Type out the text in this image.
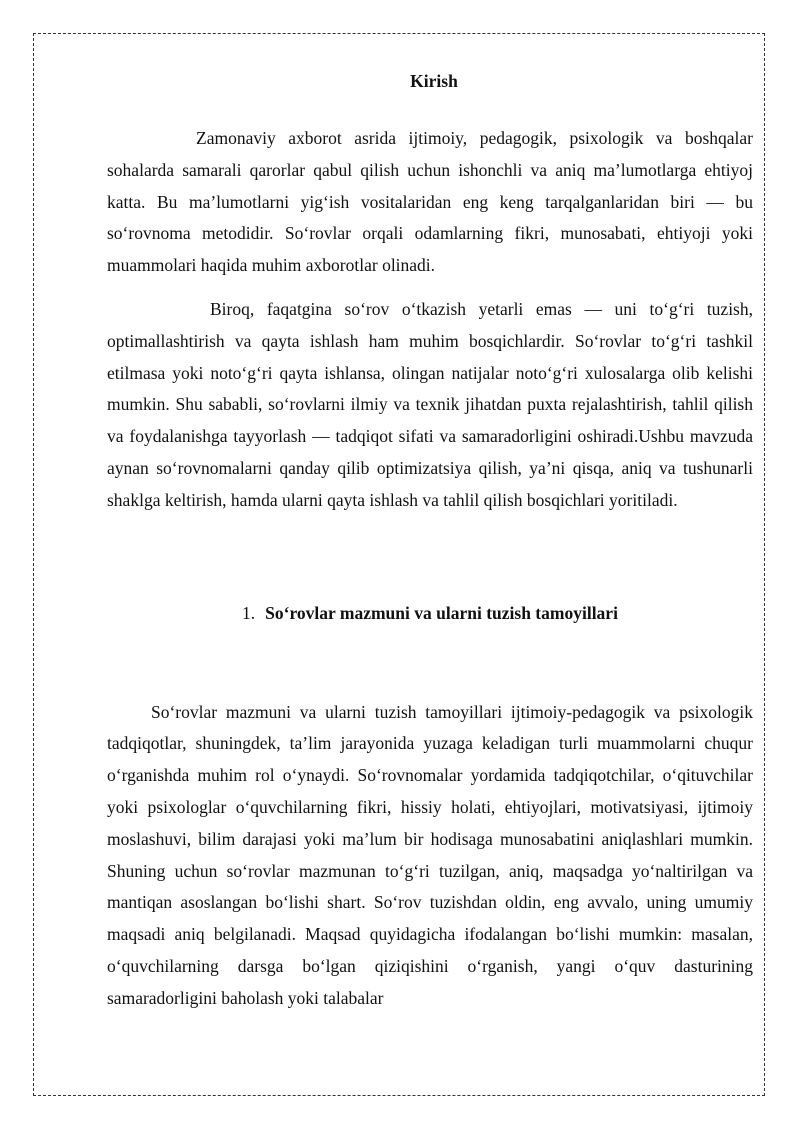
Kirish

Zamonaviy axborot asrida ijtimoiy, pedagogik, psixologik va boshqalar sohalarda samarali qarorlar qabul qilish uchun ishonchli va aniq ma’lumotlarga ehtiyoj katta. Bu ma’lumotlarni yig‘ish vositalaridan eng keng tarqalganlaridan biri — bu so‘rovnoma metodidir. So‘rovlar orqali odamlarning fikri, munosabati, ehtiyoji yoki muammolari haqida muhim axborotlar olinadi.

Biroq, faqatgina so‘rov o‘tkazish yetarli emas — uni to‘g‘ri tuzish, optimallashtirish va qayta ishlash ham muhim bosqichlardir. So‘rovlar to‘g‘ri tashkil etilmasa yoki noto‘g‘ri qayta ishlansa, olingan natijalar noto‘g‘ri xulosalarga olib kelishi mumkin. Shu sababli, so‘rovlarni ilmiy va texnik jihatdan puxta rejalashtirish, tahlil qilish va foydalanishga tayyorlash — tadqiqot sifati va samaradorligini oshiradi.Ushbu mavzuda aynan so‘rovnomalarni qanday qilib optimizatsiya qilish, ya’ni qisqa, aniq va tushunarli shaklga keltirish, hamda ularni qayta ishlash va tahlil qilish bosqichlari yoritiladi.

1. So‘rovlar mazmuni va ularni tuzish tamoyillari

So‘rovlar mazmuni va ularni tuzish tamoyillari ijtimoiy-pedagogik va psixologik tadqiqotlar, shuningdek, ta’lim jarayonida yuzaga keladigan turli muammolarni chuqur o‘rganishda muhim rol o‘ynaydi. So‘rovnomalar yordamida tadqiqotchilar, o‘qituvchilar yoki psixologlar o‘quvchilarning fikri, hissiy holati, ehtiyojlari, motivatsiyasi, ijtimoiy moslashuvi, bilim darajasi yoki ma’lum bir hodisaga munosabatini aniqlashlari mumkin. Shuning uchun so‘rovlar mazmunan to‘g‘ri tuzilgan, aniq, maqsadga yo‘naltirilgan va mantiqan asoslangan bo‘lishi shart. So‘rov tuzishdan oldin, eng avvalo, uning umumiy maqsadi aniq belgilanadi. Maqsad quyidagicha ifodalangan bo‘lishi mumkin: masalan, o‘quvchilarning darsga bo‘lgan qiziqishini o‘rganish, yangi o‘quv dasturining samaradorligini baholash yoki talabalar
